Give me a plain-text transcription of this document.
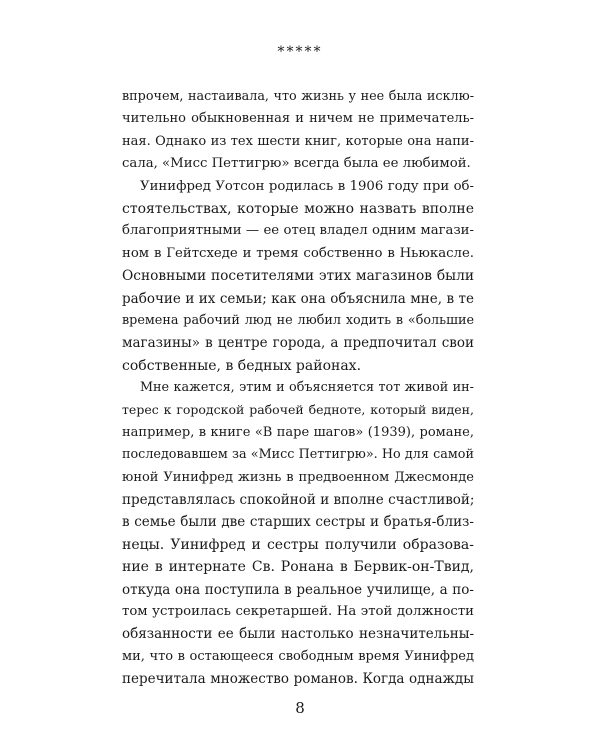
*****
впрочем, настаивала, что жизнь у нее была исклю-
чительно обыкновенная и ничем не примечатель-
ная. Однако из тех шести книг, которые она напи-
сала, «Мисс Петтигрю» всегда была ее любимой.
Уинифред Уотсон родилась в 1906 году при об-
стоятельствах, которые можно назвать вполне
благоприятными — ее отец владел одним магази-
ном в Гейтсхеде и тремя собственно в Ньюкасле.
Основными посетителями этих магазинов были
рабочие и их семьи; как она объяснила мне, в те
времена рабочий люд не любил ходить в «большие
магазины» в центре города, а предпочитал свои
собственные, в бедных районах.
Мне кажется, этим и объясняется тот живой ин-
терес к городской рабочей бедноте, который виден,
например, в книге «В паре шагов» (1939), романе,
последовавшем за «Мисс Петтигрю». Но для самой
юной Уинифред жизнь в предвоенном Джесмонде
представлялась спокойной и вполне счастливой;
в семье были две старших сестры и братья-близ-
нецы. Уинифред и сестры получили образова-
ние в интернате Св. Ронана в Бервик-он-Твид,
откуда она поступила в реальное училище, а по-
том устроилась секретаршей. На этой должности
обязанности ее были настолько незначительны-
ми, что в остающееся свободным время Уинифред
перечитала множество романов. Когда однажды
8
